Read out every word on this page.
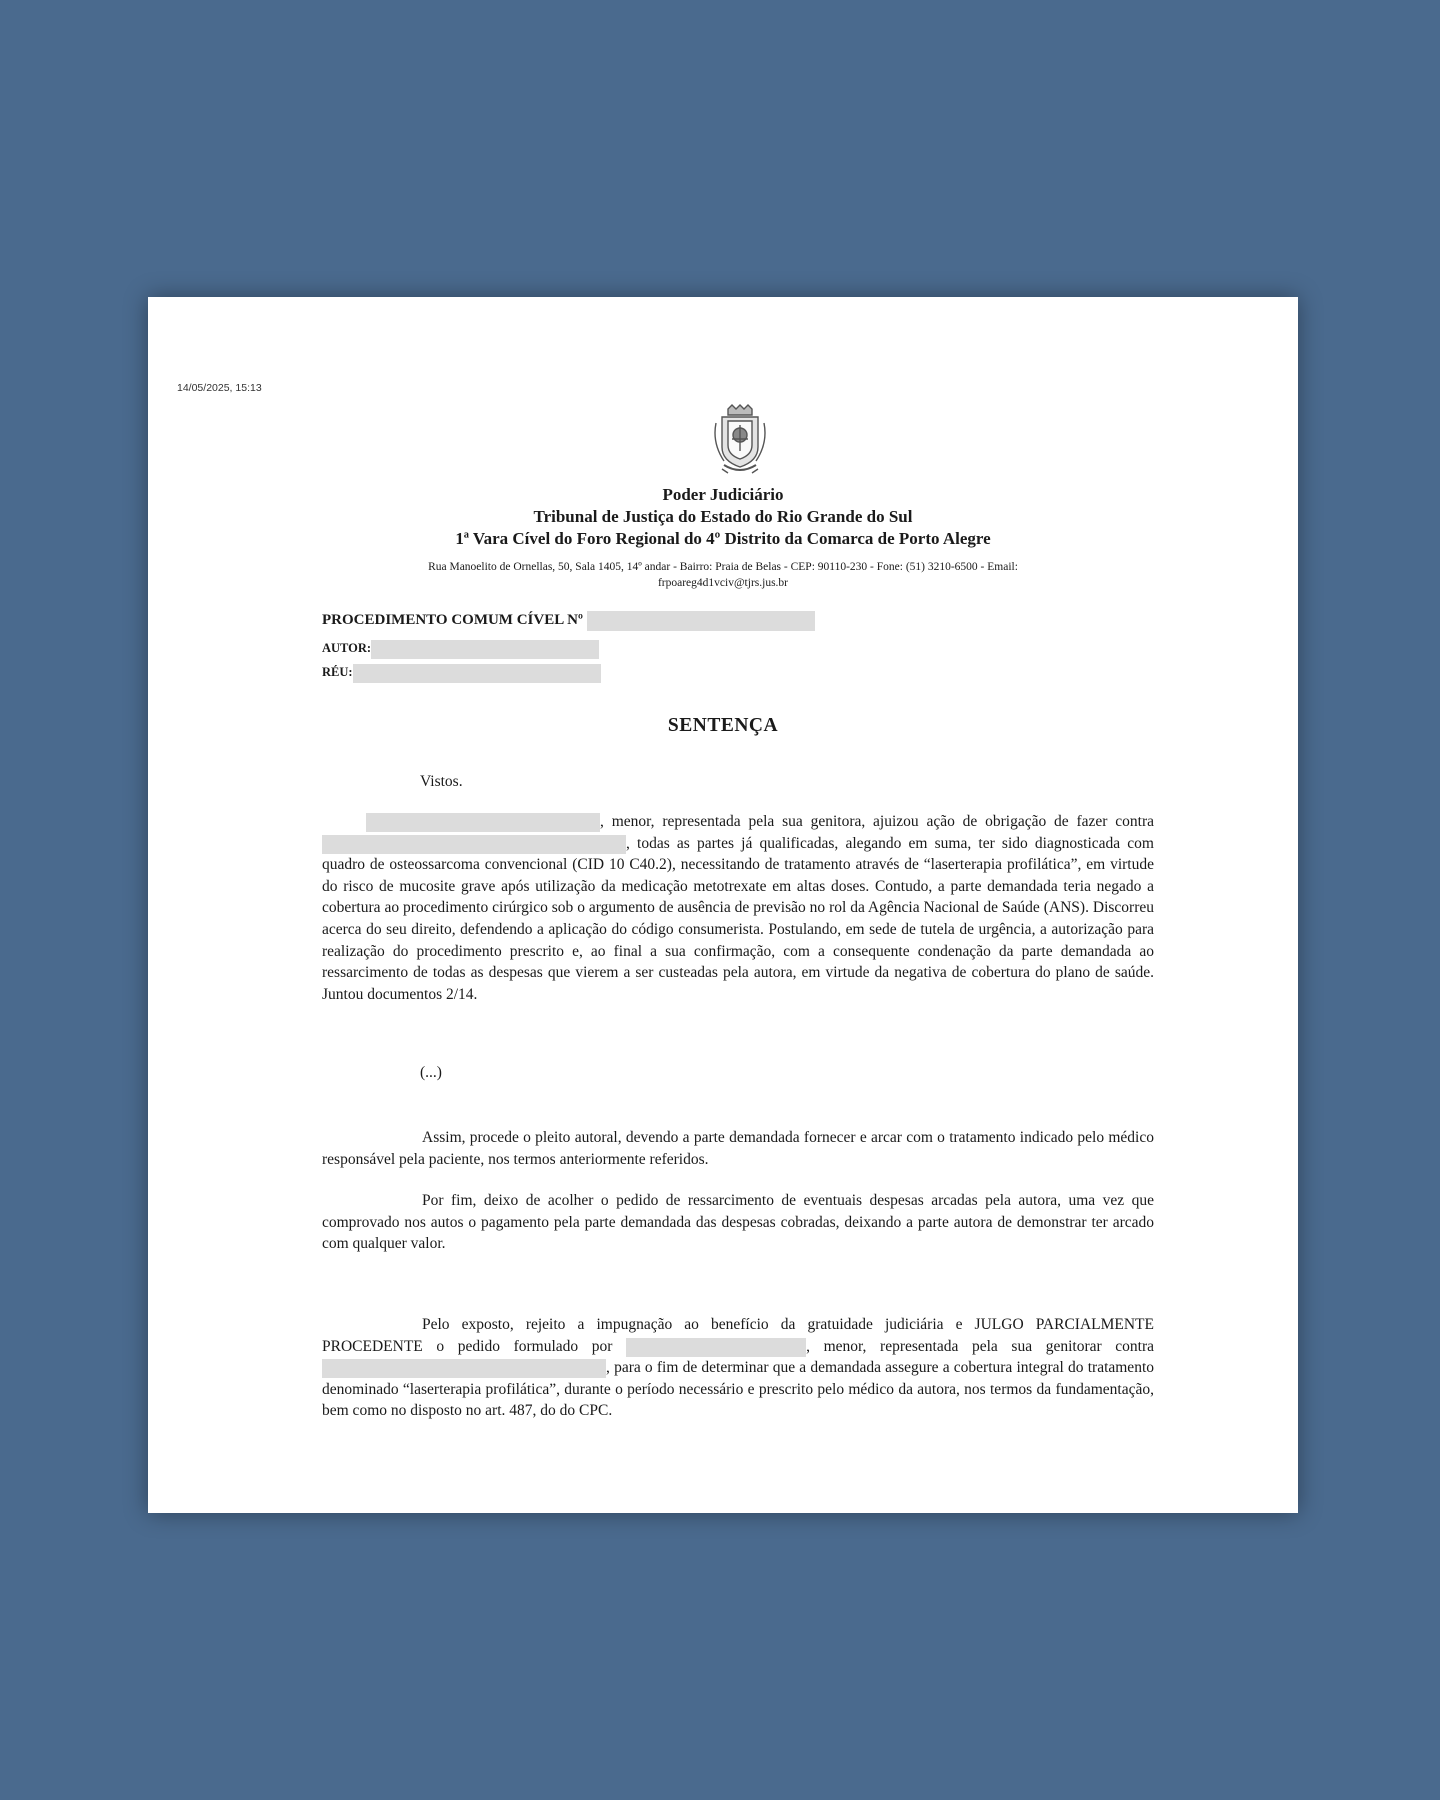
14/05/2025, 15:13
Poder Judiciário
Tribunal de Justiça do Estado do Rio Grande do Sul
1ª Vara Cível do Foro Regional do 4º Distrito da Comarca de Porto Alegre
Rua Manoelito de Ornellas, 50, Sala 1405, 14º andar - Bairro: Praia de Belas - CEP: 90110-230 - Fone: (51) 3210-6500 - Email:
frpoareg4d1vciv@tjrs.jus.br
PROCEDIMENTO COMUM CÍVEL Nº
AUTOR:
RÉU:
SENTENÇA
Vistos.

, menor, representada pela sua genitora, ajuizou ação de obrigação de fazer contra , todas as partes já qualificadas, alegando em suma, ter sido diagnosticada com quadro de osteossarcoma convencional (CID 10 C40.2), necessitando de tratamento através de “laserterapia profilática”, em virtude do risco de mucosite grave após utilização da medicação metotrexate em altas doses. Contudo, a parte demandada teria negado a cobertura ao procedimento cirúrgico sob o argumento de ausência de previsão no rol da Agência Nacional de Saúde (ANS). Discorreu acerca do seu direito, defendendo a aplicação do código consumerista. Postulando, em sede de tutela de urgência, a autorização para realização do procedimento prescrito e, ao final a sua confirmação, com a consequente condenação da parte demandada ao ressarcimento de todas as despesas que vierem a ser custeadas pela autora, em virtude da negativa de cobertura do plano de saúde. Juntou documentos 2/14.

(...)

Assim, procede o pleito autoral, devendo a parte demandada fornecer e arcar com o tratamento indicado pelo médico responsável pela paciente, nos termos anteriormente referidos.

Por fim, deixo de acolher o pedido de ressarcimento de eventuais despesas arcadas pela autora, uma vez que comprovado nos autos o pagamento pela parte demandada das despesas cobradas, deixando a parte autora de demonstrar ter arcado com qualquer valor.

Pelo exposto, rejeito a impugnação ao benefício da gratuidade judiciária e JULGO PARCIALMENTE PROCEDENTE o pedido formulado por	, menor, representada pela sua genitorar contra , para o fim de determinar que a demandada assegure a cobertura integral do tratamento denominado “laserterapia profilática”, durante o período necessário e prescrito pelo médico da autora, nos termos da fundamentação, bem como no disposto no art. 487, do do CPC.
